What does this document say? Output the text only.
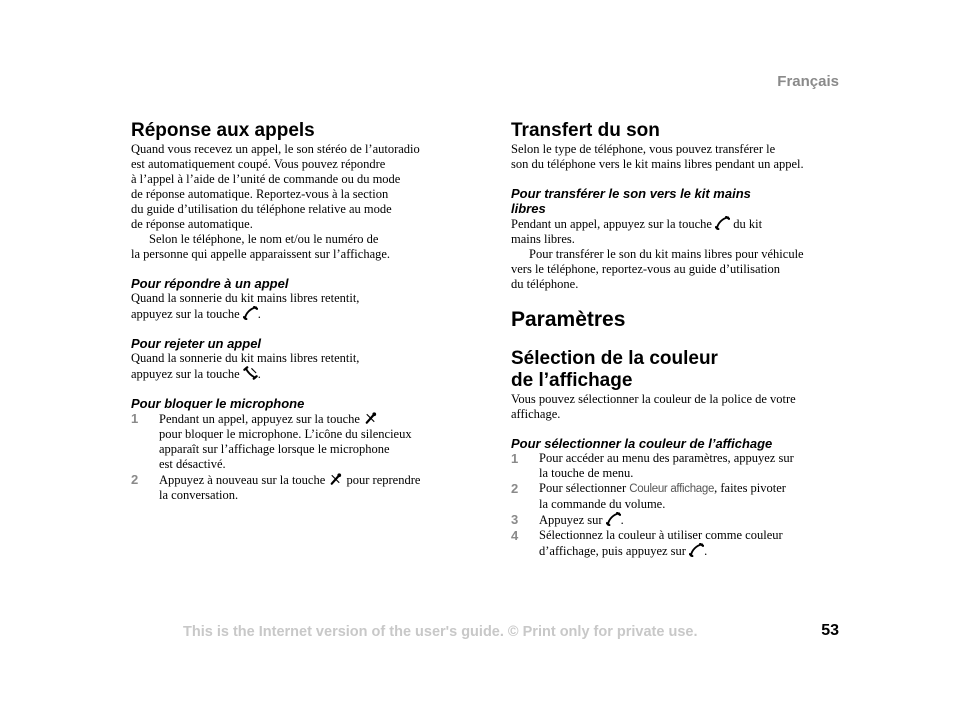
Français
Réponse aux appels

Quand vous recevez un appel, le son stéréo de l’autoradio
est automatiquement coupé. Vous pouvez répondre
à l’appel à l’aide de l’unité de commande ou du mode
de réponse automatique. Reportez-vous à la section
du guide d’utilisation du téléphone relative au mode
de réponse automatique.

Selon le téléphone, le nom et/ou le numéro de
la personne qui appelle apparaissent sur l’affichage.

Pour répondre à un appel

Quand la sonnerie du kit mains libres retentit,
appuyez sur la touche .

Pour rejeter un appel

Quand la sonnerie du kit mains libres retentit,
appuyez sur la touche .

Pour bloquer le microphone
1 Pendant un appel, appuyez sur la touche
pour bloquer le microphone. L’icône du silencieux
apparaît sur l’affichage lorsque le microphone
est désactivé.
2 Appuyez à nouveau sur la touche pour reprendre
la conversation.
Transfert du son

Selon le type de téléphone, vous pouvez transférer le
son du téléphone vers le kit mains libres pendant un appel.

Pour transférer le son vers le kit mains
libres

Pendant un appel, appuyez sur la touche du kit
mains libres.

Pour transférer le son du kit mains libres pour véhicule
vers le téléphone, reportez-vous au guide d’utilisation
du téléphone.

Paramètres
Sélection de la couleur
de l’affichage

Vous pouvez sélectionner la couleur de la police de votre
affichage.

Pour sélectionner la couleur de l’affichage
1 Pour accéder au menu des paramètres, appuyez sur
la touche de menu.
2 Pour sélectionner Couleur affichage, faites pivoter
la commande du volume.
3 Appuyez sur .
4 Sélectionnez la couleur à utiliser comme couleur
d’affichage, puis appuyez sur .
This is the Internet version of the user's guide. © Print only for private use.	53
